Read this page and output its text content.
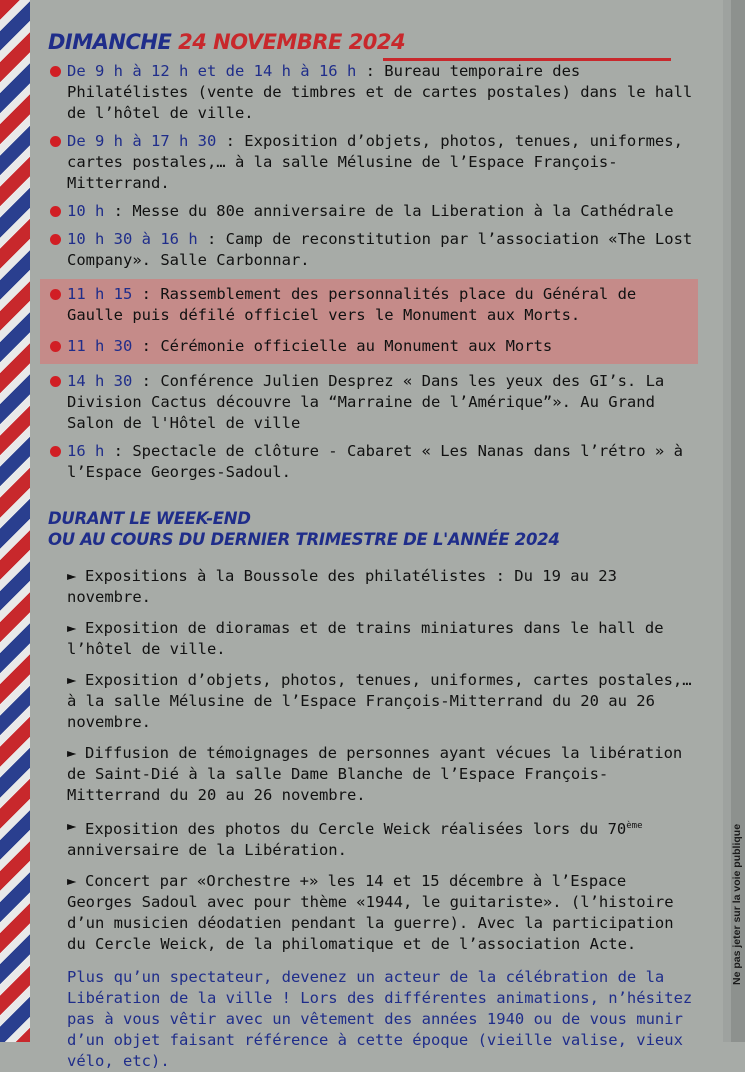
DIMANCHE 24 NOVEMBRE 2024
De 9 h à 12 h et de 14 h à 16 h : Bureau temporaire des Philatélistes (vente de timbres et de cartes postales) dans le hall de l’hôtel de ville.
De 9 h à 17 h 30 : Exposition d’objets, photos, tenues, uniformes, cartes postales,… à la salle Mélusine de l’Espace François-Mitterrand.
10 h : Messe du 80e anniversaire de la Liberation à la Cathédrale
10 h 30 à 16 h : Camp de reconstitution par l’association «The Lost Company». Salle Carbonnar.
11 h 15 : Rassemblement des personnalités place du Général de Gaulle puis défilé officiel vers le Monument aux Morts.
11 h 30 : Cérémonie officielle au Monument aux Morts
14 h 30 : Conférence Julien Desprez « Dans les yeux des GI’s. La Division Cactus découvre la “Marraine de l’Amérique”». Au Grand Salon de l'Hôtel de ville
16 h : Spectacle de clôture - Cabaret « Les Nanas dans l’rétro » à l’Espace Georges-Sadoul.
DURANT LE WEEK-END
OU AU COURS DU DERNIER TRIMESTRE DE L'ANNÉE 2024
► Expositions à la Boussole des philatélistes : Du 19 au 23 novembre.
► Exposition de dioramas et de trains miniatures dans le hall de l’hôtel de ville.
► Exposition d’objets, photos, tenues, uniformes, cartes postales,… à la salle Mélusine de l’Espace François-Mitterrand du 20 au 26 novembre.
► Diffusion de témoignages de personnes ayant vécues la libération de Saint-Dié à la salle Dame Blanche de l’Espace François-Mitterrand du 20 au 26 novembre.
► Exposition des photos du Cercle Weick réalisées lors du 70ème anniversaire de la Libération.
► Concert par «Orchestre +» les 14 et 15 décembre à l’Espace Georges Sadoul avec pour thème «1944, le guitariste». (l’histoire d’un musicien déodatien pendant la guerre). Avec la participation du Cercle Weick, de la philomatique et de l’association Acte.
Plus qu’un spectateur, devenez un acteur de la célébration de la Libération de la ville ! Lors des différentes animations, n’hésitez pas à vous vêtir avec un vêtement des années 1940 ou de vous munir d’un objet faisant référence à cette époque (vieille valise, vieux vélo, etc).
Ne pas jeter sur la voie publique
